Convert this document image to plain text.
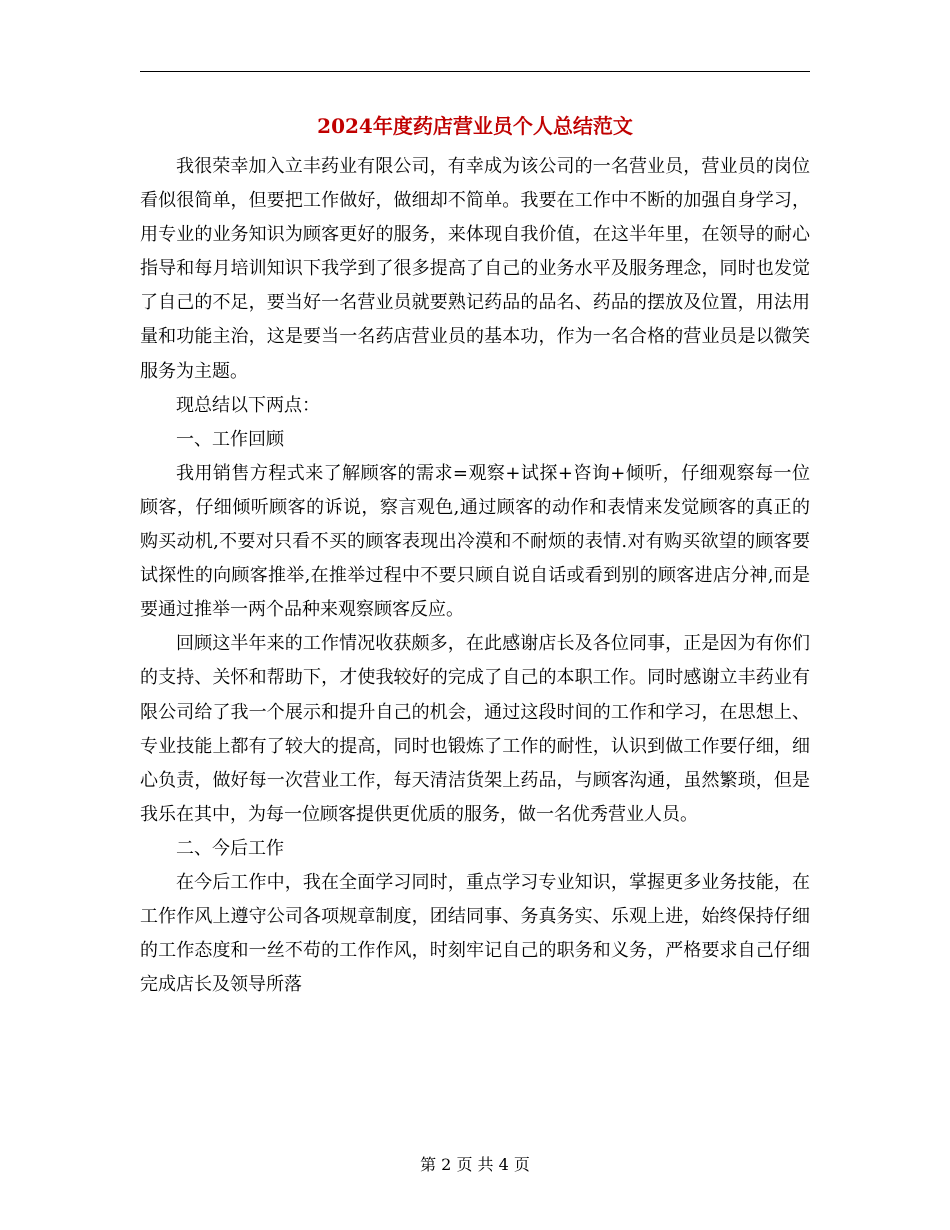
2024年度药店营业员个人总结范文

我很荣幸加入立丰药业有限公司，有幸成为该公司的一名营业员，营业员的岗位看似很简单，但要把工作做好，做细却不简单。我要在工作中不断的加强自身学习，用专业的业务知识为顾客更好的服务，来体现自我价值，在这半年里，在领导的耐心指导和每月培训知识下我学到了很多提高了自己的业务水平及服务理念，同时也发觉了自己的不足，要当好一名营业员就要熟记药品的品名、药品的摆放及位置，用法用量和功能主治，这是要当一名药店营业员的基本功，作为一名合格的营业员是以微笑服务为主题。

现总结以下两点：

一、工作回顾

我用销售方程式来了解顾客的需求=观察+试探+咨询+倾听，仔细观察每一位顾客，仔细倾听顾客的诉说，察言观色,通过顾客的动作和表情来发觉顾客的真正的购买动机,不要对只看不买的顾客表现出冷漠和不耐烦的表情.对有购买欲望的顾客要试探性的向顾客推举,在推举过程中不要只顾自说自话或看到别的顾客进店分神,而是要通过推举一两个品种来观察顾客反应。

回顾这半年来的工作情况收获颇多，在此感谢店长及各位同事，正是因为有你们的支持、关怀和帮助下，才使我较好的完成了自己的本职工作。同时感谢立丰药业有限公司给了我一个展示和提升自己的机会，通过这段时间的工作和学习，在思想上、专业技能上都有了较大的提高，同时也锻炼了工作的耐性，认识到做工作要仔细，细心负责，做好每一次营业工作，每天清洁货架上药品，与顾客沟通，虽然繁琐，但是我乐在其中，为每一位顾客提供更优质的服务，做一名优秀营业人员。

二、今后工作

在今后工作中，我在全面学习同时，重点学习专业知识，掌握更多业务技能，在工作作风上遵守公司各项规章制度，团结同事、务真务实、乐观上进，始终保持仔细的工作态度和一丝不苟的工作作风，时刻牢记自己的职务和义务，严格要求自己仔细完成店长及领导所落

第 2 页 共 4 页
